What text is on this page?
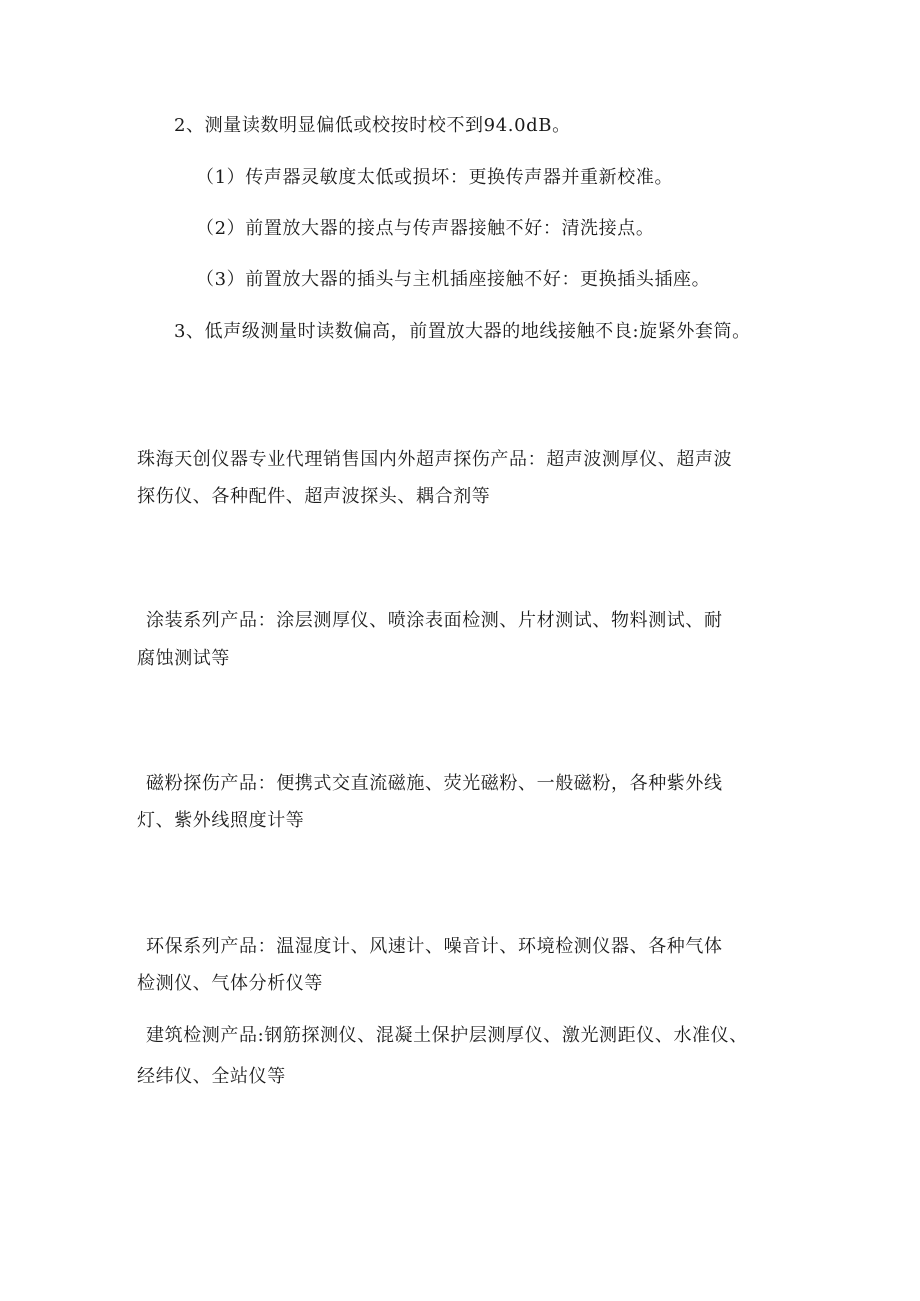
2、测量读数明显偏低或校按时校不到94.0dB。
（1）传声器灵敏度太低或损坏：更换传声器并重新校准。
（2）前置放大器的接点与传声器接触不好：清洗接点。
（3）前置放大器的插头与主机插座接触不好：更换插头插座。
3、低声级测量时读数偏高，前置放大器的地线接触不良:旋紧外套筒。
珠海天创仪器专业代理销售国内外超声探伤产品：超声波测厚仪、超声波
探伤仪、各种配件、超声波探头、耦合剂等
涂装系列产品：涂层测厚仪、喷涂表面检测、片材测试、物料测试、耐
腐蚀测试等
磁粉探伤产品：便携式交直流磁施、荧光磁粉、一般磁粉，各种紫外线
灯、紫外线照度计等
环保系列产品：温湿度计、风速计、噪音计、环境检测仪器、各种气体
检测仪、气体分析仪等
建筑检测产品:钢筋探测仪、混凝土保护层测厚仪、激光测距仪、水准仪、
经纬仪、全站仪等
